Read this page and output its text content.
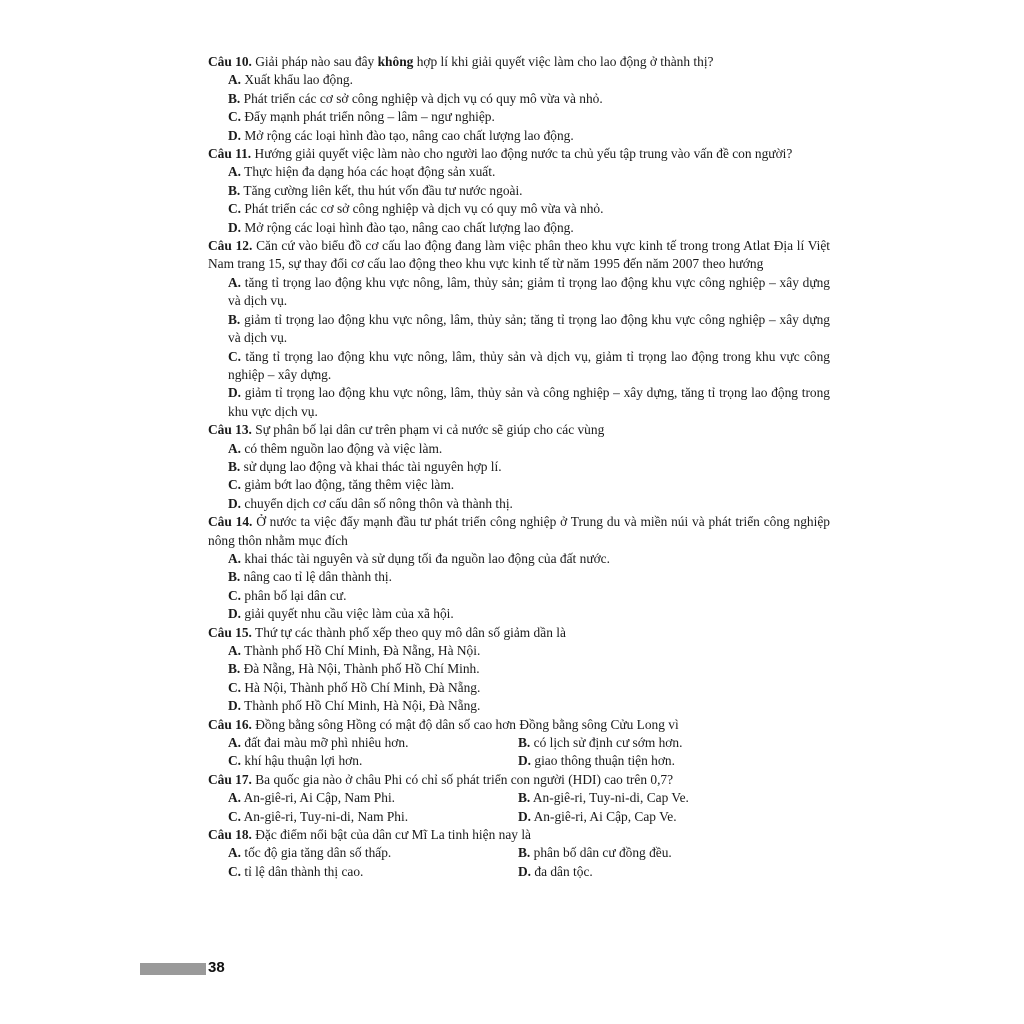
Câu 10. Giải pháp nào sau đây không hợp lí khi giải quyết việc làm cho lao động ở thành thị?

A. Xuất khẩu lao động.

B. Phát triển các cơ sở công nghiệp và dịch vụ có quy mô vừa và nhỏ.

C. Đẩy mạnh phát triển nông – lâm – ngư nghiệp.

D. Mở rộng các loại hình đào tạo, nâng cao chất lượng lao động.

Câu 11. Hướng giải quyết việc làm nào cho người lao động nước ta chủ yếu tập trung vào vấn đề con người?

A. Thực hiện đa dạng hóa các hoạt động sản xuất.

B. Tăng cường liên kết, thu hút vốn đầu tư nước ngoài.

C. Phát triển các cơ sở công nghiệp và dịch vụ có quy mô vừa và nhỏ.

D. Mở rộng các loại hình đào tạo, nâng cao chất lượng lao động.

Câu 12. Căn cứ vào biểu đồ cơ cấu lao động đang làm việc phân theo khu vực kinh tế trong trong Atlat Địa lí Việt Nam trang 15, sự thay đổi cơ cấu lao động theo khu vực kinh tế từ năm 1995 đến năm 2007 theo hướng

A. tăng tỉ trọng lao động khu vực nông, lâm, thủy sản; giảm tỉ trọng lao động khu vực công nghiệp – xây dựng và dịch vụ.

B. giảm tỉ trọng lao động khu vực nông, lâm, thủy sản; tăng tỉ trọng lao động khu vực công nghiệp – xây dựng và dịch vụ.

C. tăng tỉ trọng lao động khu vực nông, lâm, thủy sản và dịch vụ, giảm tỉ trọng lao động trong khu vực công nghiệp – xây dựng.

D. giảm tỉ trọng lao động khu vực nông, lâm, thủy sản và công nghiệp – xây dựng, tăng tỉ trọng lao động trong khu vực dịch vụ.

Câu 13. Sự phân bố lại dân cư trên phạm vi cả nước sẽ giúp cho các vùng

A. có thêm nguồn lao động và việc làm.

B. sử dụng lao động và khai thác tài nguyên hợp lí.

C. giảm bớt lao động, tăng thêm việc làm.

D. chuyển dịch cơ cấu dân số nông thôn và thành thị.

Câu 14. Ở nước ta việc đẩy mạnh đầu tư phát triển công nghiệp ở Trung du và miền núi và phát triển công nghiệp nông thôn nhằm mục đích

A. khai thác tài nguyên và sử dụng tối đa nguồn lao động của đất nước.

B. nâng cao tỉ lệ dân thành thị.

C. phân bố lại dân cư.

D. giải quyết nhu cầu việc làm của xã hội.

Câu 15. Thứ tự các thành phố xếp theo quy mô dân số giảm dần là

A. Thành phố Hồ Chí Minh, Đà Nẵng, Hà Nội.

B. Đà Nẵng, Hà Nội, Thành phố Hồ Chí Minh.

C. Hà Nội, Thành phố Hồ Chí Minh, Đà Nẵng.

D. Thành phố Hồ Chí Minh, Hà Nội, Đà Nẵng.

Câu 16. Đồng bằng sông Hồng có mật độ dân số cao hơn Đồng bằng sông Cửu Long vì

A. đất đai màu mỡ phì nhiêu hơn.	B. có lịch sử định cư sớm hơn.

C. khí hậu thuận lợi hơn.	D. giao thông thuận tiện hơn.

Câu 17. Ba quốc gia nào ở châu Phi có chỉ số phát triển con người (HDI) cao trên 0,7?

A. An-giê-ri, Ai Cập, Nam Phi.	B. An-giê-ri, Tuy-ni-di, Cap Ve.

C. An-giê-ri, Tuy-ni-di, Nam Phi.	D. An-giê-ri, Ai Cập, Cap Ve.

Câu 18. Đặc điểm nổi bật của dân cư Mĩ La tinh hiện nay là

A. tốc độ gia tăng dân số thấp.	B. phân bố dân cư đồng đều.

C. tỉ lệ dân thành thị cao.	D. đa dân tộc.

38
